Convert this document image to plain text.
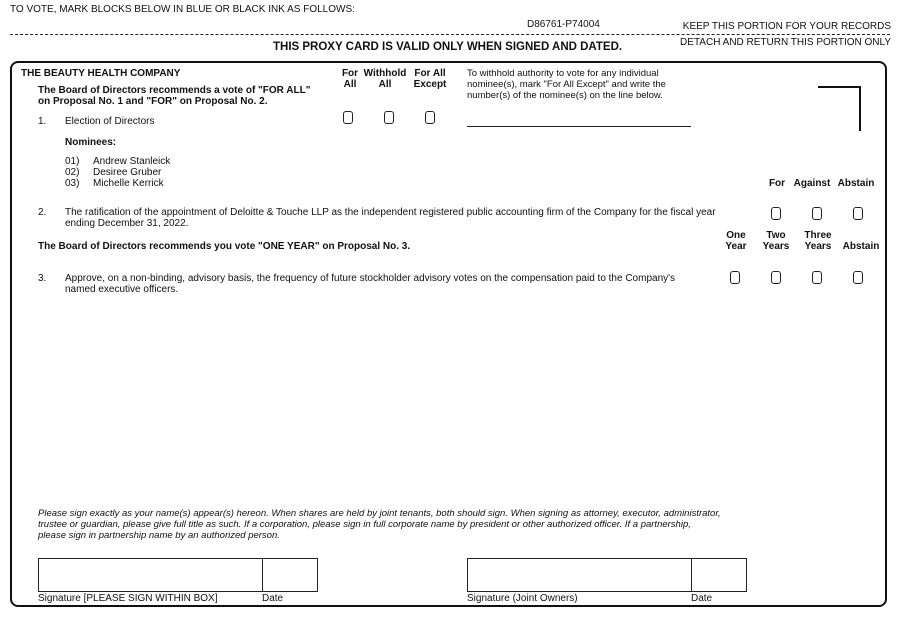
TO VOTE, MARK BLOCKS BELOW IN BLUE OR BLACK INK AS FOLLOWS:
D86761-P74004	KEEP THIS PORTION FOR YOUR RECORDS
DETACH AND RETURN THIS PORTION ONLY
THIS PROXY CARD IS VALID ONLY WHEN SIGNED AND DATED.
THE BEAUTY HEALTH COMPANY
The Board of Directors recommends a vote of "FOR ALL"
on Proposal No. 1 and "FOR" on Proposal No. 2.
For
All
Withhold
All
For All
Except
To withhold authority to vote for any individual
nominee(s), mark "For All Except" and write the
number(s) of the nominee(s) on the line below.
1. Election of Directors
Nominees:
01) Andrew Stanleick
02) Desiree Gruber
03) Michelle Kerrick	For Against Abstain
2. The ratification of the appointment of Deloitte & Touche LLP as the independent registered public accounting firm of the Company for the fiscal year
ending December 31, 2022.
The Board of Directors recommends you vote "ONE YEAR" on Proposal No. 3.
One
Year
Two
Years
Three
Years	Abstain
3. Approve, on a non-binding, advisory basis, the frequency of future stockholder advisory votes on the compensation paid to the Company's
named executive officers.
Please sign exactly as your name(s) appear(s) hereon. When shares are held by joint tenants, both should sign. When signing as attorney, executor, administrator,
trustee or guardian, please give full title as such. If a corporation, please sign in full corporate name by president or other authorized officer. If a partnership,
please sign in partnership name by an authorized person.
Signature [PLEASE SIGN WITHIN BOX]	Date	Signature (Joint Owners)	Date
